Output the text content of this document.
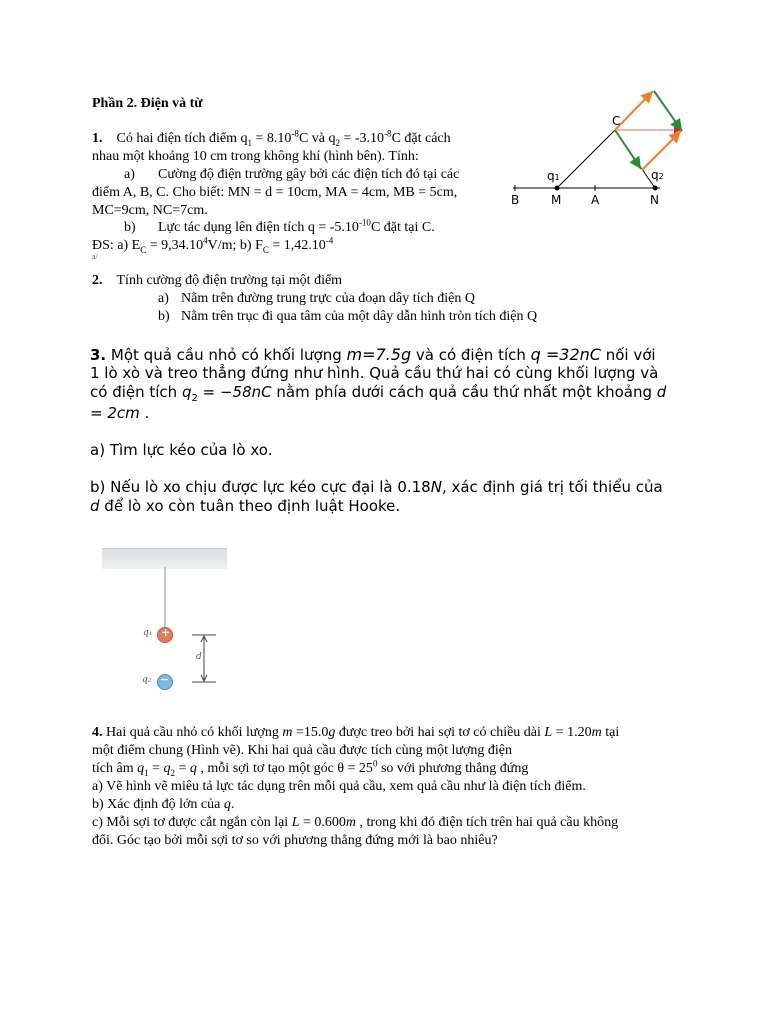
Phần 2. Điện và từ
1. Có hai điện tích điểm $q_1 = 8.10^{-8}C$ và $q_2 = -3.10^{-8}C$ đặt cách
nhau một khoảng 10 cm trong không khí (hình bên). Tính:
a) Cường độ điện trường gây bởi các điện tích đó tại các
điểm A, B, C. Cho biết: MN = d = 10cm, MA = 4cm, MB = 5cm,
MC=9cm, NC=7cm.
b) Lực tác dụng lên điện tích $q = -5.10^{-10}C$ đặt tại C.
ĐS: a) $E_C = 9,34.10^4V/m$; b) $F_C = 1,42.10^{-4}$
a/
C
q1	q2
B	M A	N
2. Tính cường độ điện trường tại một điểm
a) Nằm trên đường trung trực của đoạn dây tích điện Q
b) Nằm trên trục đi qua tâm của một dây dẫn hình tròn tích điện Q
3. Một quả cầu nhỏ có khối lượng m=7.5g và có điện tích q =32nC nối với
1 lò xò và treo thẳng đứng như hình. Quả cầu thứ hai có cùng khối lượng và
có điện tích $q_2 = -58nC$ nằm phía dưới cách quả cầu thứ nhất một khoảng d
= 2cm .
a) Tìm lực kéo của lò xo.
b) Nếu lò xo chịu được lực kéo cực đại là 0.18N, xác định giá trị tối thiểu của
d để lò xo còn tuân theo định luật Hooke.
q₁
q₂
+
−
d
4. Hai quả cầu nhỏ có khối lượng m =15.0g được treo bởi hai sợi tơ có chiều dài L = 1.20m tại
một điểm chung (Hình vẽ). Khi hai quả cầu được tích cùng một lượng điện
tích âm $q_1 = q_2 = q$ , mỗi sợi tơ tạo một góc $\theta = 25^0$ so với phương thẳng đứng
a) Vẽ hình vẽ miêu tả lực tác dụng trên mỗi quả cầu, xem quả cầu như là điện tích điểm.
b) Xác định độ lớn của q.
c) Mỗi sợi tơ được cắt ngắn còn lại L = 0.600m , trong khi đó điện tích trên hai quả cầu không
đổi. Góc tạo bởi mỗi sợi tơ so với phương thẳng đứng mới là bao nhiêu?
